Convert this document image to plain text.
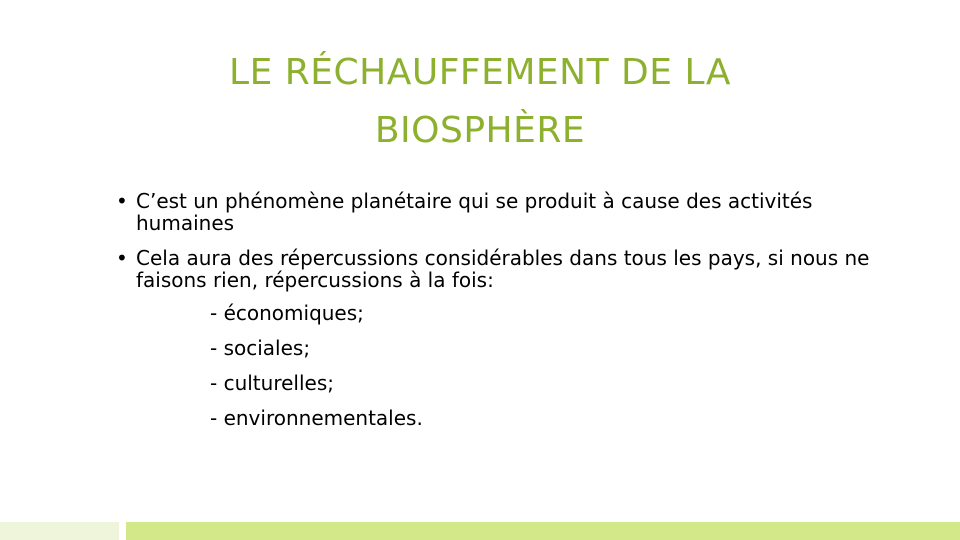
LE RÉCHAUFFEMENT DE LA
BIOSPHÈRE
• C’est un phénomène planétaire qui se produit à cause des activités humaines
• Cela aura des répercussions considérables dans tous les pays, si nous ne faisons rien, répercussions à la fois:
- économiques;
- sociales;
- culturelles;
- environnementales.
